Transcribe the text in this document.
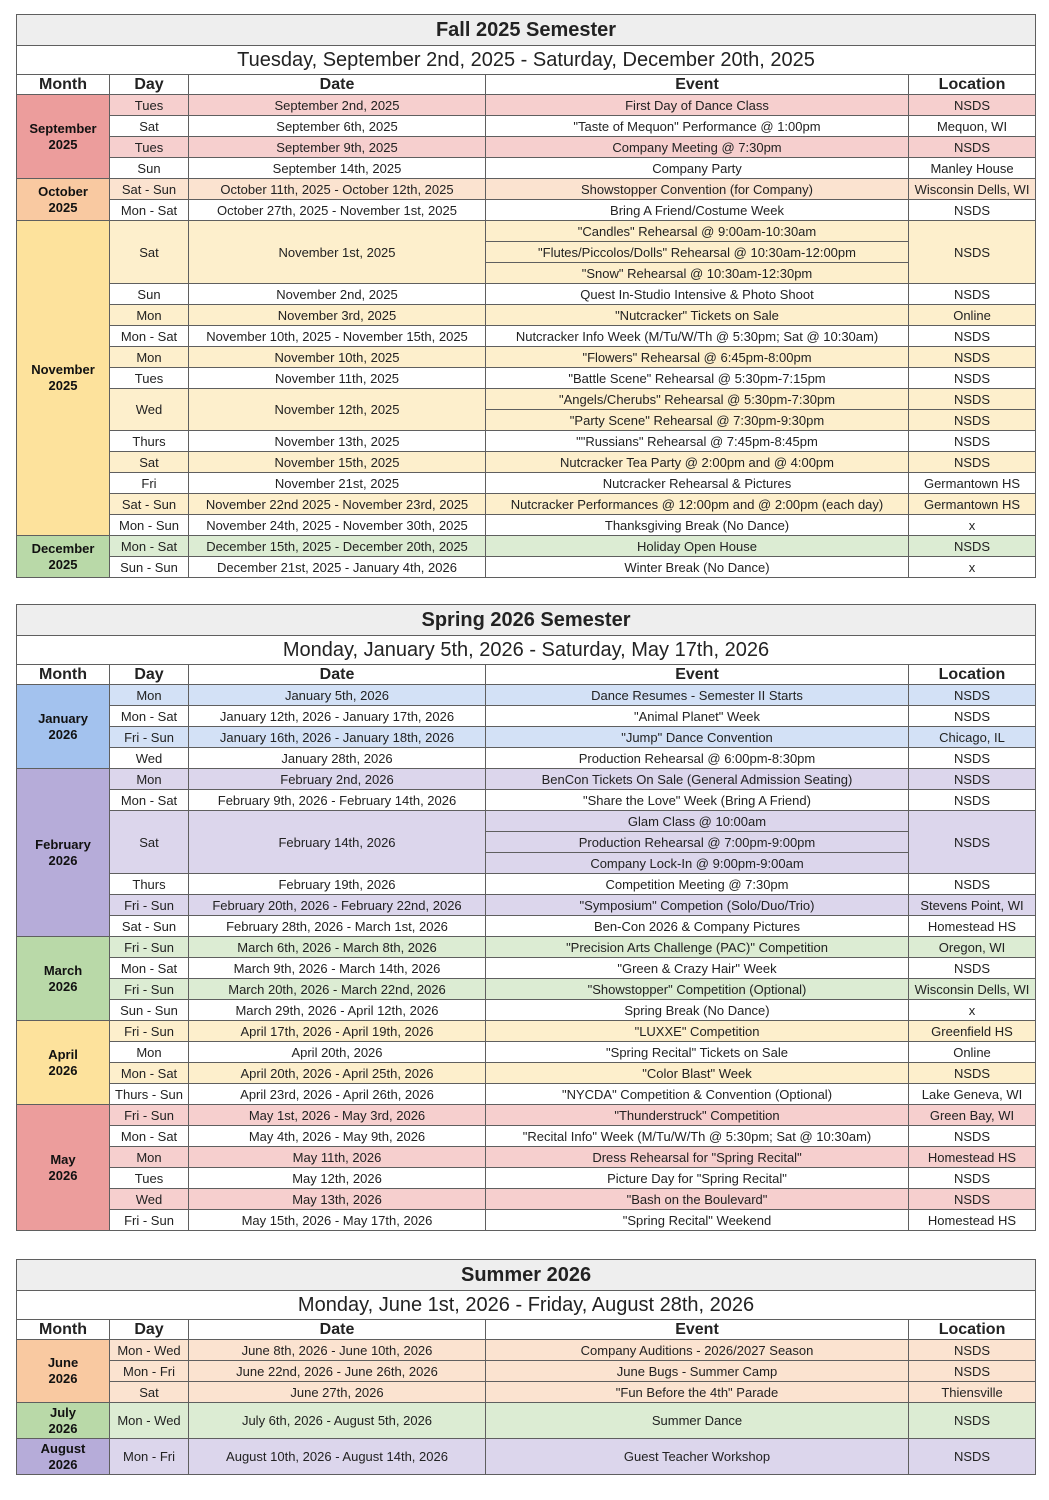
Fall 2025 Semester				
Tuesday, September 2nd, 2025 - Saturday, December 20th, 2025				
Month	Day	Date	Event	Location
September
2025	Tues	September 2nd, 2025	First Day of Dance Class	NSDS
	Sat	September 6th, 2025	"Taste of Mequon" Performance @ 1:00pm	Mequon, WI
	Tues	September 9th, 2025	Company Meeting @ 7:30pm	NSDS
	Sun	September 14th, 2025	Company Party	Manley House
October
2025	Sat - Sun	October 11th, 2025 - October 12th, 2025	Showstopper Convention (for Company)	Wisconsin Dells, WI
	Mon - Sat	October 27th, 2025 - November 1st, 2025	Bring A Friend/Costume Week	NSDS
November
2025	Sat	November 1st, 2025	"Candles" Rehearsal @ 9:00am-10:30am	NSDS
			"Flutes/Piccolos/Dolls" Rehearsal @ 10:30am-12:00pm	
			"Snow" Rehearsal @ 10:30am-12:30pm	
	Sun	November 2nd, 2025	Quest In-Studio Intensive & Photo Shoot	NSDS
	Mon	November 3rd, 2025	"Nutcracker" Tickets on Sale	Online
	Mon - Sat	November 10th, 2025 - November 15th, 2025	Nutcracker Info Week (M/Tu/W/Th @ 5:30pm; Sat @ 10:30am)	NSDS
	Mon	November 10th, 2025	"Flowers" Rehearsal @ 6:45pm-8:00pm	NSDS
	Tues	November 11th, 2025	"Battle Scene" Rehearsal @ 5:30pm-7:15pm	NSDS
	Wed	November 12th, 2025	"Angels/Cherubs" Rehearsal @ 5:30pm-7:30pm	NSDS
			"Party Scene" Rehearsal @ 7:30pm-9:30pm	NSDS
	Thurs	November 13th, 2025	""Russians" Rehearsal @ 7:45pm-8:45pm	NSDS
	Sat	November 15th, 2025	Nutcracker Tea Party @ 2:00pm and @ 4:00pm	NSDS
	Fri	November 21st, 2025	Nutcracker Rehearsal & Pictures	Germantown HS
	Sat - Sun	November 22nd 2025 - November 23rd, 2025	Nutcracker Performances @ 12:00pm and @ 2:00pm (each day)	Germantown HS
	Mon - Sun	November 24th, 2025 - November 30th, 2025	Thanksgiving Break (No Dance)	x
December
2025	Mon - Sat	December 15th, 2025 - December 20th, 2025	Holiday Open House	NSDS
	Sun - Sun	December 21st, 2025 - January 4th, 2026	Winter Break (No Dance)	x
Spring 2026 Semester				
Monday, January 5th, 2026 - Saturday, May 17th, 2026				
Month	Day	Date	Event	Location
January
2026	Mon	January 5th, 2026	Dance Resumes - Semester II Starts	NSDS
	Mon - Sat	January 12th, 2026 - January 17th, 2026	"Animal Planet" Week	NSDS
	Fri - Sun	January 16th, 2026 - January 18th, 2026	"Jump" Dance Convention	Chicago, IL
	Wed	January 28th, 2026	Production Rehearsal @ 6:00pm-8:30pm	NSDS
February
2026	Mon	February 2nd, 2026	BenCon Tickets On Sale (General Admission Seating)	NSDS
	Mon - Sat	February 9th, 2026 - February 14th, 2026	"Share the Love" Week (Bring A Friend)	NSDS
	Sat	February 14th, 2026	Glam Class @ 10:00am	NSDS
			Production Rehearsal @ 7:00pm-9:00pm	
			Company Lock-In @ 9:00pm-9:00am	
	Thurs	February 19th, 2026	Competition Meeting @ 7:30pm	NSDS
	Fri - Sun	February 20th, 2026 - February 22nd, 2026	"Symposium" Competion (Solo/Duo/Trio)	Stevens Point, WI
	Sat - Sun	February 28th, 2026 - March 1st, 2026	Ben-Con 2026 & Company Pictures	Homestead HS
March
2026	Fri - Sun	March 6th, 2026 - March 8th, 2026	"Precision Arts Challenge (PAC)" Competition	Oregon, WI
	Mon - Sat	March 9th, 2026 - March 14th, 2026	"Green & Crazy Hair" Week	NSDS
	Fri - Sun	March 20th, 2026 - March 22nd, 2026	"Showstopper" Competition (Optional)	Wisconsin Dells, WI
	Sun - Sun	March 29th, 2026 - April 12th, 2026	Spring Break (No Dance)	x
April
2026	Fri - Sun	April 17th, 2026 - April 19th, 2026	"LUXXE" Competition	Greenfield HS
	Mon	April 20th, 2026	"Spring Recital" Tickets on Sale	Online
	Mon - Sat	April 20th, 2026 - April 25th, 2026	"Color Blast" Week	NSDS
	Thurs - Sun	April 23rd, 2026 - April 26th, 2026	"NYCDA" Competition & Convention (Optional)	Lake Geneva, WI
May
2026	Fri - Sun	May 1st, 2026 - May 3rd, 2026	"Thunderstruck" Competition	Green Bay, WI
	Mon - Sat	May 4th, 2026 - May 9th, 2026	"Recital Info" Week (M/Tu/W/Th @ 5:30pm; Sat @ 10:30am)	NSDS
	Mon	May 11th, 2026	Dress Rehearsal for "Spring Recital"	Homestead HS
	Tues	May 12th, 2026	Picture Day for "Spring Recital"	NSDS
	Wed	May 13th, 2026	"Bash on the Boulevard"	NSDS
	Fri - Sun	May 15th, 2026 - May 17th, 2026	"Spring Recital" Weekend	Homestead HS
Summer 2026				
Monday, June 1st, 2026 - Friday, August 28th, 2026				
Month	Day	Date	Event	Location
June
2026	Mon - Wed	June 8th, 2026 - June 10th, 2026	Company Auditions - 2026/2027 Season	NSDS
	Mon - Fri	June 22nd, 2026 - June 26th, 2026	June Bugs - Summer Camp	NSDS
	Sat	June 27th, 2026	"Fun Before the 4th" Parade	Thiensville
July
2026	Mon - Wed	July 6th, 2026 - August 5th, 2026	Summer Dance	NSDS
August
2026	Mon - Fri	August 10th, 2026 - August 14th, 2026	Guest Teacher Workshop	NSDS
